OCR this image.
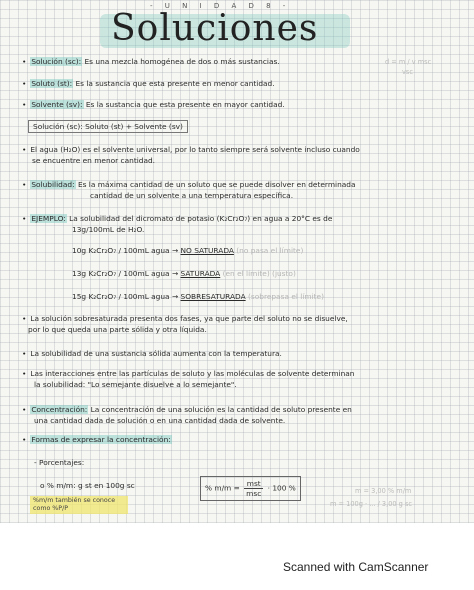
- U N I D A D 8 -
Soluciones
d = m / v msc
vsc
• Solución (sc): Es una mezcla homogénea de dos o más sustancias.
• Soluto (st): Es la sustancia que esta presente en menor cantidad.
• Solvente (sv): Es la sustancia que esta presente en mayor cantidad.
Solución (sc): Soluto (st) + Solvente (sv)
• El agua (H₂O) es el solvente universal, por lo tanto siempre será solvente incluso cuando
se encuentre en menor cantidad.
• Solubilidad: Es la máxima cantidad de un soluto que se puede disolver en determinada
cantidad de un solvente a una temperatura específica.
• EJEMPLO: La solubilidad del dicromato de potasio (K₂Cr₂O₇) en agua a 20°C es de
13g/100mL de H₂O.
10g K₂Cr₂O₇ / 100mL agua → NO SATURADA (no pasa el límite)
13g K₂Cr₂O₇ / 100mL agua → SATURADA (en el límite) (justo)
15g K₂Cr₂O₇ / 100mL agua → SOBRESATURADA (sobrepasa el límite)
• La solución sobresaturada presenta dos fases, ya que parte del soluto no se disuelve,
por lo que queda una parte sólida y otra líquida.
• La solubilidad de una sustancia sólida aumenta con la temperatura.
• Las interacciones entre las partículas de soluto y las moléculas de solvente determinan
la solubilidad: "Lo semejante disuelve a lo semejante".
• Concentración: La concentración de una solución es la cantidad de soluto presente en
una cantidad dada de solución o en una cantidad dada de solvente.
• Formas de expresar la concentración:
- Porcentajes:
o % m/m: g st en 100g sc	% m/m = mst
msc
· 100 %
%m/m también se conoce como %P/P
m = 3,00 % m/m
m = 100g · ... / 3,00 g sc
Scanned with CamScanner
